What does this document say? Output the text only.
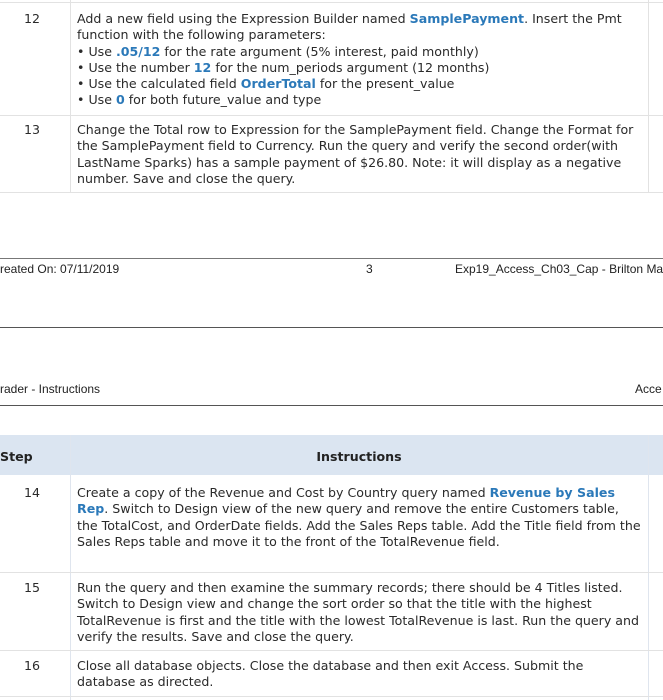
12	Add a new field using the Expression Builder named SamplePayment. Insert the Pmt function with the following parameters:
• Use .05/12 for the rate argument (5% interest, paid monthly)
• Use the number 12 for the num_periods argument (12 months)
• Use the calculated field OrderTotal for the present_value
• Use 0 for both future_value and type
13	Change the Total row to Expression for the SamplePayment field. Change the Format for the SamplePayment field to Currency. Run the query and verify the second order(with LastName Sparks) has a sample payment of $26.80. Note: it will display as a negative number. Save and close the query.
reated On: 07/11/2019	3	Exp19_Access_Ch03_Cap - Brilton Ma
rader - Instructions	Acce
Step	Instructions
14	Create a copy of the Revenue and Cost by Country query named Revenue by Sales Rep. Switch to Design view of the new query and remove the entire Customers table, the TotalCost, and OrderDate fields. Add the Sales Reps table. Add the Title field from the Sales Reps table and move it to the front of the TotalRevenue field.
15	Run the query and then examine the summary records; there should be 4 Titles listed. Switch to Design view and change the sort order so that the title with the highest TotalRevenue is first and the title with the lowest TotalRevenue is last. Run the query and verify the results. Save and close the query.
16	Close all database objects. Close the database and then exit Access. Submit the database as directed.
